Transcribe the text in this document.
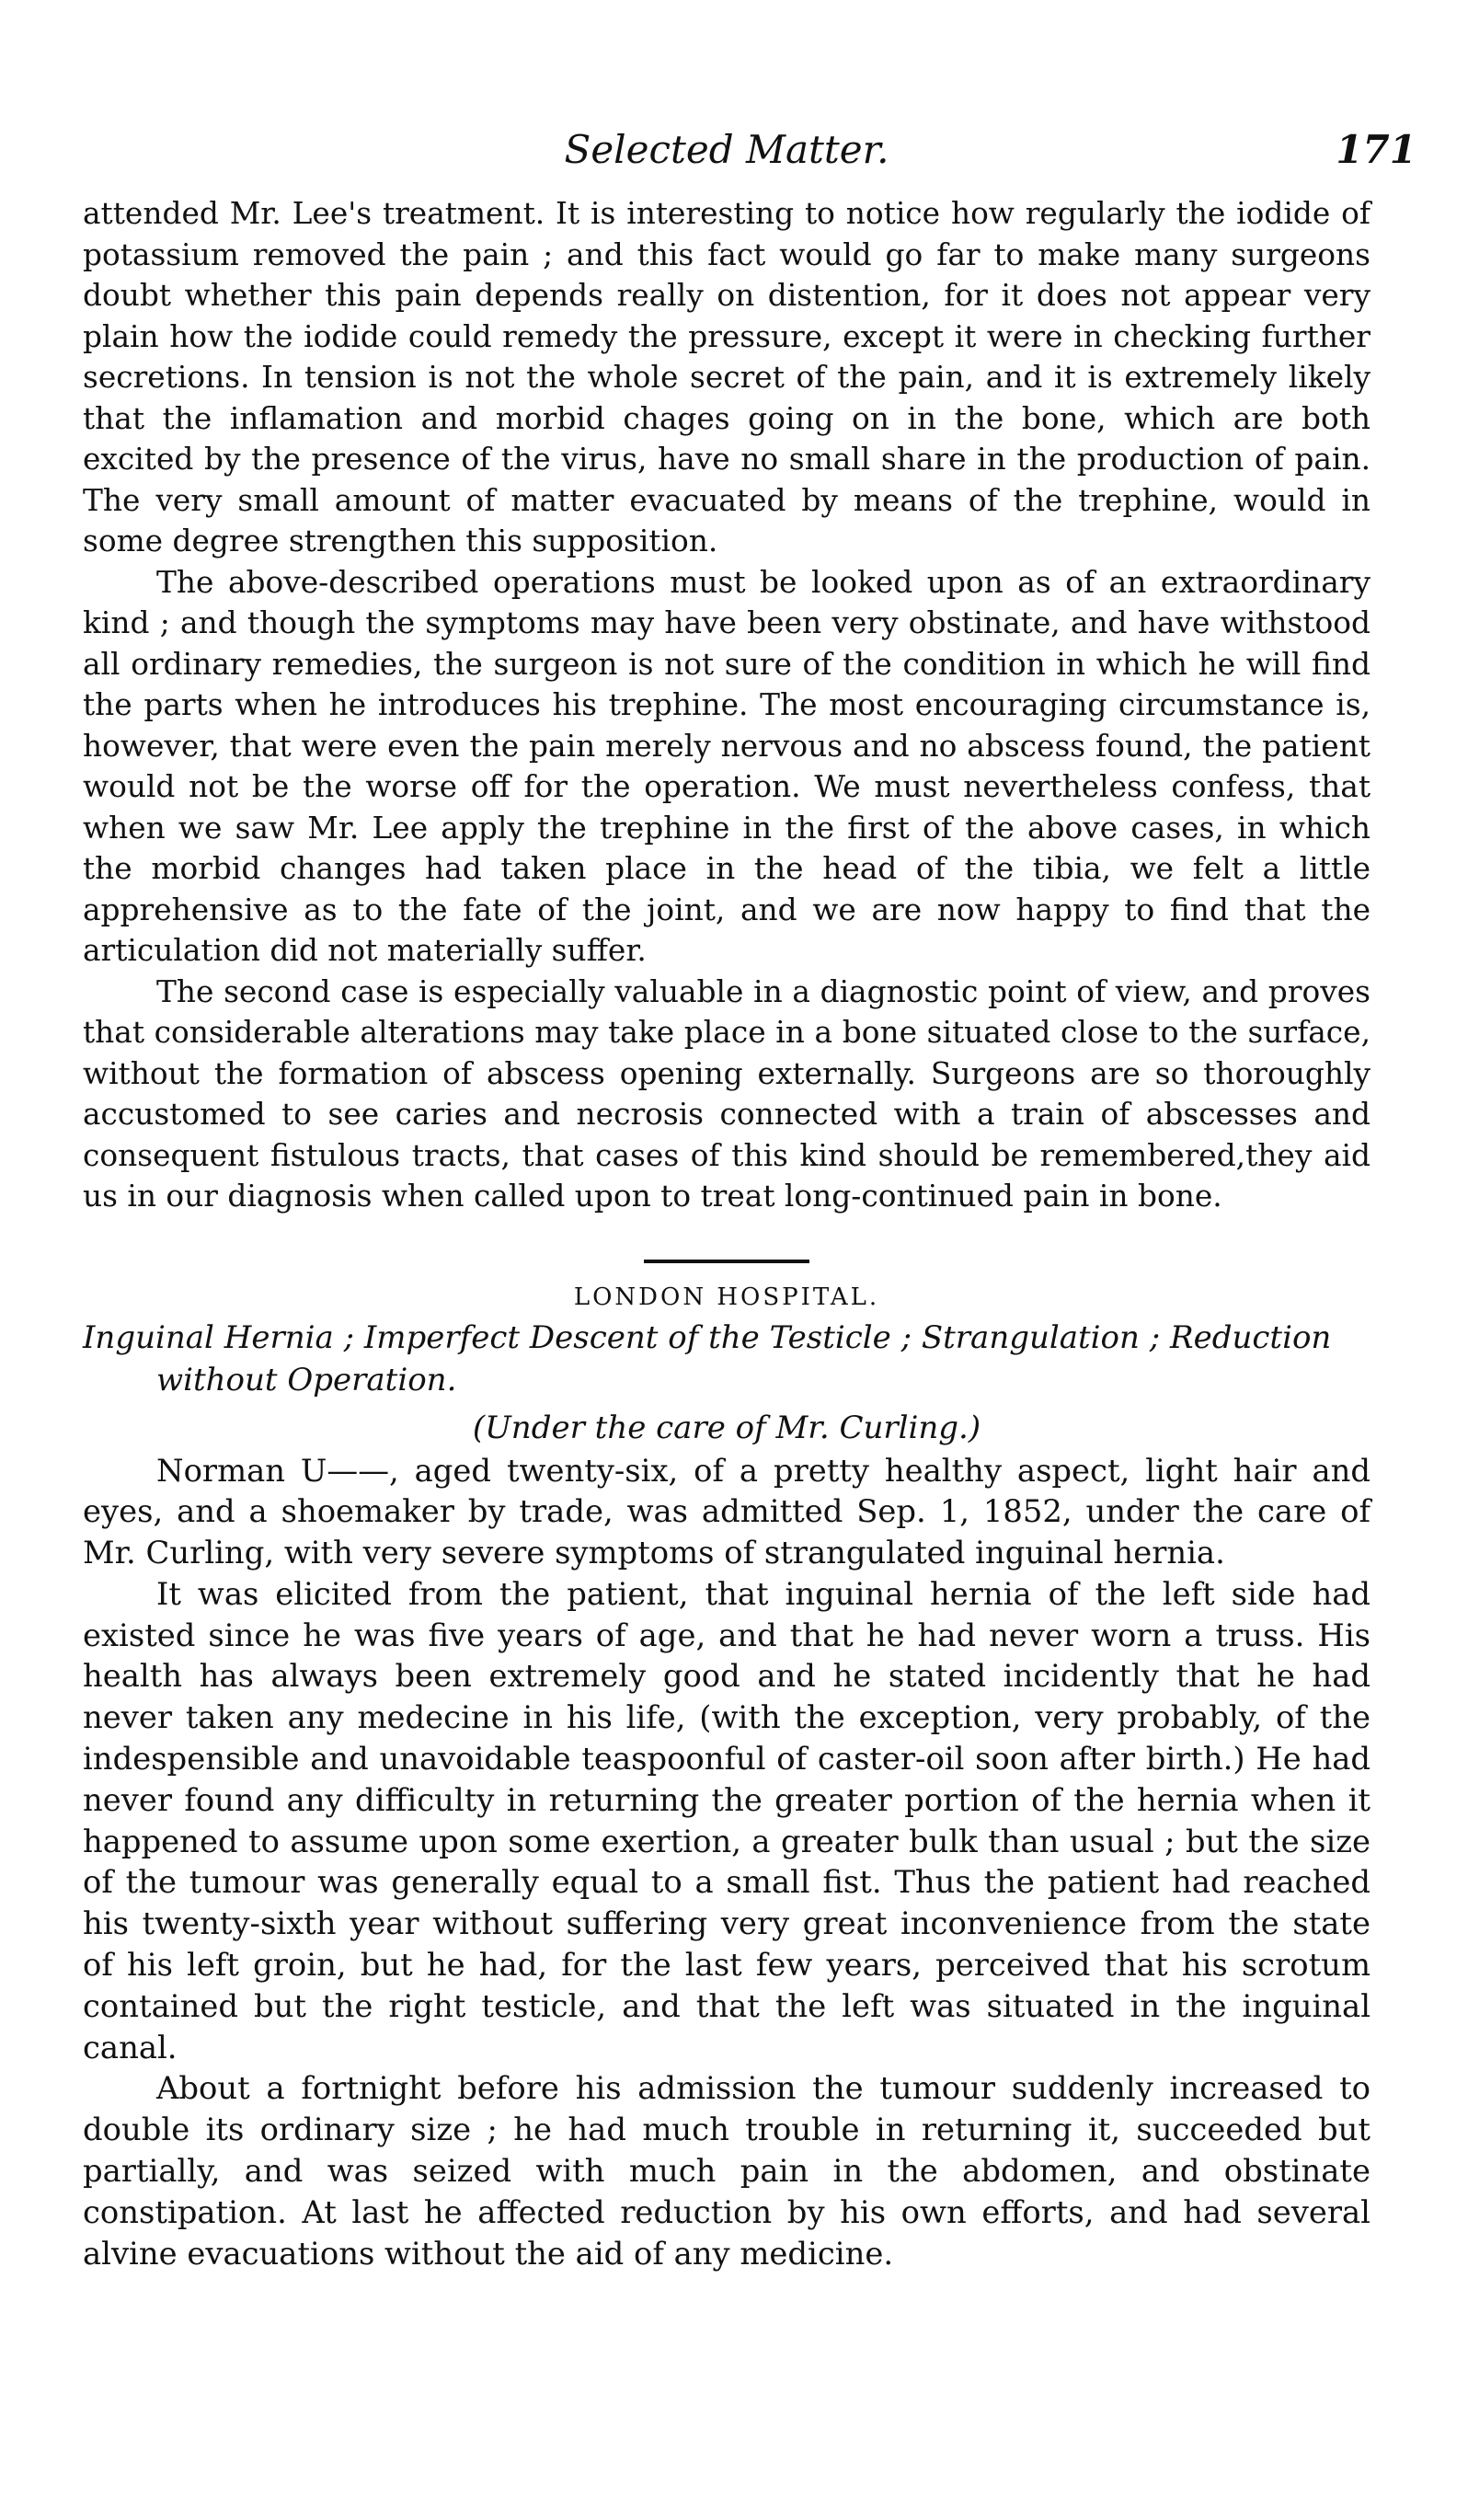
Selected Matter.	171

attended Mr. Lee's treatment. It is interesting to notice how regularly the iodide of potassium removed the pain ; and this fact would go far to make many surgeons doubt whether this pain depends really on distention, for it does not appear very plain how the iodide could remedy the pressure, except it were in checking further secretions. In tension is not the whole secret of the pain, and it is extremely likely that the inflamation and morbid chages going on in the bone, which are both excited by the presence of the virus, have no small share in the production of pain. The very small amount of matter evacuated by means of the trephine, would in some degree strengthen this supposition.

The above-described operations must be looked upon as of an extraordinary kind ; and though the symptoms may have been very obstinate, and have withstood all ordinary remedies, the surgeon is not sure of the condition in which he will find the parts when he introduces his trephine. The most encouraging circumstance is, however, that were even the pain merely nervous and no abscess found, the patient would not be the worse off for the operation. We must nevertheless confess, that when we saw Mr. Lee apply the trephine in the first of the above cases, in which the morbid changes had taken place in the head of the tibia, we felt a little apprehensive as to the fate of the joint, and we are now happy to find that the articulation did not materially suffer.

The second case is especially valuable in a diagnostic point of view, and proves that considerable alterations may take place in a bone situated close to the surface, without the formation of abscess opening externally. Surgeons are so thoroughly accustomed to see caries and necrosis connected with a train of abscesses and consequent fistulous tracts, that cases of this kind should be remembered,they aid us in our diagnosis when called upon to treat long-continued pain in bone.

LONDON HOSPITAL.
Inguinal Hernia ; Imperfect Descent of the Testicle ; Strangulation ; Reduction
without Operation.
(Under the care of Mr. Curling.)

Norman U——, aged twenty-six, of a pretty healthy aspect, light hair and eyes, and a shoemaker by trade, was admitted Sep. 1, 1852, under the care of Mr. Curling, with very severe symptoms of strangulated inguinal hernia.

It was elicited from the patient, that inguinal hernia of the left side had existed since he was five years of age, and that he had never worn a truss. His health has always been extremely good and he stated incidently that he had never taken any medecine in his life, (with the exception, very probably, of the indespensible and unavoidable teaspoonful of caster-oil soon after birth.) He had never found any difficulty in returning the greater portion of the hernia when it happened to assume upon some exertion, a greater bulk than usual ; but the size of the tumour was generally equal to a small fist. Thus the patient had reached his twenty-sixth year without suffering very great inconvenience from the state of his left groin, but he had, for the last few years, perceived that his scrotum contained but the right testicle, and that the left was situated in the inguinal canal.

About a fortnight before his admission the tumour suddenly increased to double its ordinary size ; he had much trouble in returning it, succeeded but partially, and was seized with much pain in the abdomen, and obstinate constipation. At last he affected reduction by his own efforts, and had several alvine evacuations without the aid of any medicine.
